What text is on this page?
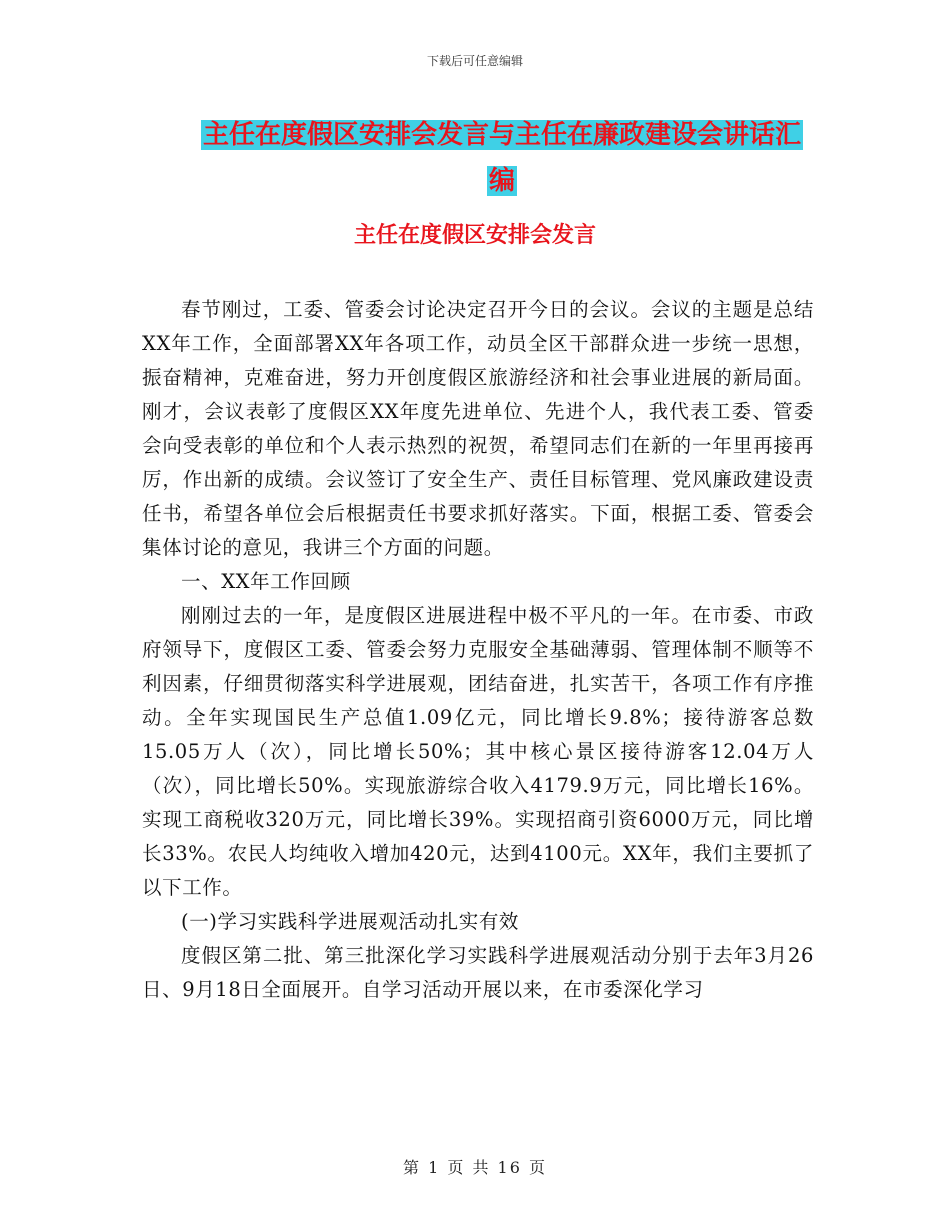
下载后可任意编辑
主任在度假区安排会发言与主任在廉政建设会讲话汇编
主任在度假区安排会发言

春节刚过，工委、管委会讨论决定召开今日的会议。会议的主题是总结XX年工作，全面部署XX年各项工作，动员全区干部群众进一步统一思想，振奋精神，克难奋进，努力开创度假区旅游经济和社会事业进展的新局面。刚才，会议表彰了度假区XX年度先进单位、先进个人，我代表工委、管委会向受表彰的单位和个人表示热烈的祝贺，希望同志们在新的一年里再接再厉，作出新的成绩。会议签订了安全生产、责任目标管理、党风廉政建设责任书，希望各单位会后根据责任书要求抓好落实。下面，根据工委、管委会集体讨论的意见，我讲三个方面的问题。

一、XX年工作回顾

刚刚过去的一年，是度假区进展进程中极不平凡的一年。在市委、市政府领导下，度假区工委、管委会努力克服安全基础薄弱、管理体制不顺等不利因素，仔细贯彻落实科学进展观，团结奋进，扎实苦干，各项工作有序推动。全年实现国民生产总值1.09亿元，同比增长9.8%；接待游客总数15.05万人（次），同比增长50%；其中核心景区接待游客12.04万人（次），同比增长50%。实现旅游综合收入4179.9万元，同比增长16%。实现工商税收320万元，同比增长39%。实现招商引资6000万元，同比增长33%。农民人均纯收入增加420元，达到4100元。XX年，我们主要抓了以下工作。

(一)学习实践科学进展观活动扎实有效

度假区第二批、第三批深化学习实践科学进展观活动分别于去年3月26日、9月18日全面展开。自学习活动开展以来，在市委深化学习

第 1 页 共 16 页
